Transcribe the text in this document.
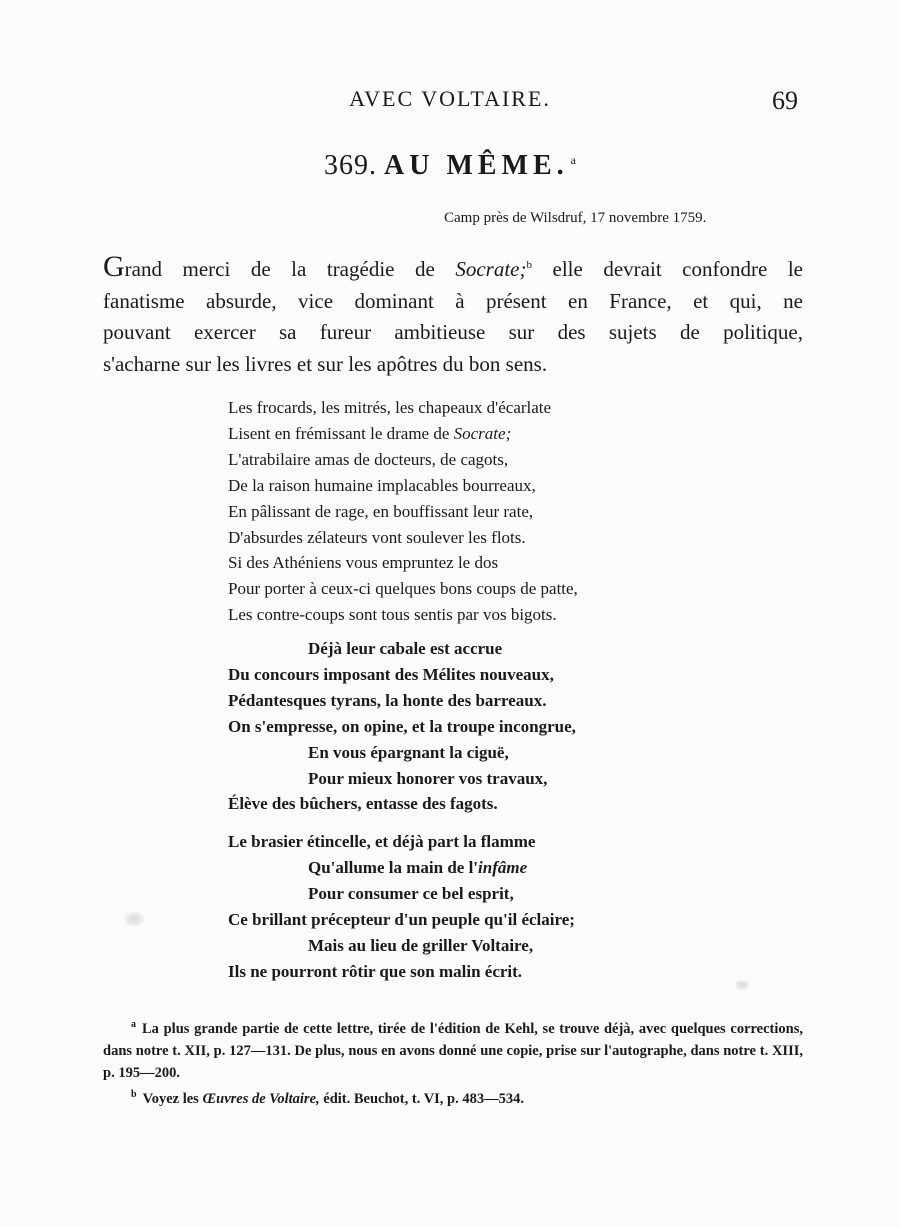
AVEC VOLTAIRE.	69
369. AU MÊME. $^a$
Camp près de Wilsdruf, 17 novembre 1759.
Grand merci de la tragédie de Socrate;$^b$ elle devrait confondre le
fanatisme absurde, vice dominant à présent en France, et qui, ne
pouvant exercer sa fureur ambitieuse sur des sujets de politique,
s'acharne sur les livres et sur les apôtres du bon sens.
Les frocards, les mitrés, les chapeaux d'écarlate
Lisent en frémissant le drame de Socrate;
L'atrabilaire amas de docteurs, de cagots,
De la raison humaine implacables bourreaux,
En pâlissant de rage, en bouffissant leur rate,
D'absurdes zélateurs vont soulever les flots.
Si des Athéniens vous empruntez le dos
Pour porter à ceux-ci quelques bons coups de patte,
Les contre-coups sont tous sentis par vos bigots.
Déjà leur cabale est accrue
Du concours imposant des Mélites nouveaux,
Pédantesques tyrans, la honte des barreaux.
On s'empresse, on opine, et la troupe incongrue,
En vous épargnant la ciguë,
Pour mieux honorer vos travaux,
Élève des bûchers, entasse des fagots.
Le brasier étincelle, et déjà part la flamme
Qu'allume la main de l'infâme
Pour consumer ce bel esprit,
Ce brillant précepteur d'un peuple qu'il éclaire;
Mais au lieu de griller Voltaire,
Ils ne pourront rôtir que son malin écrit.
$^a$ La plus grande partie de cette lettre, tirée de l'édition de Kehl, se trouve déjà, avec quelques corrections, dans notre t. XII, p. 127—131. De plus, nous en avons donné une copie, prise sur l'autographe, dans notre t. XIII, p. 195—200.
$^b$ Voyez les Œuvres de Voltaire, édit. Beuchot, t. VI, p. 483—534.
